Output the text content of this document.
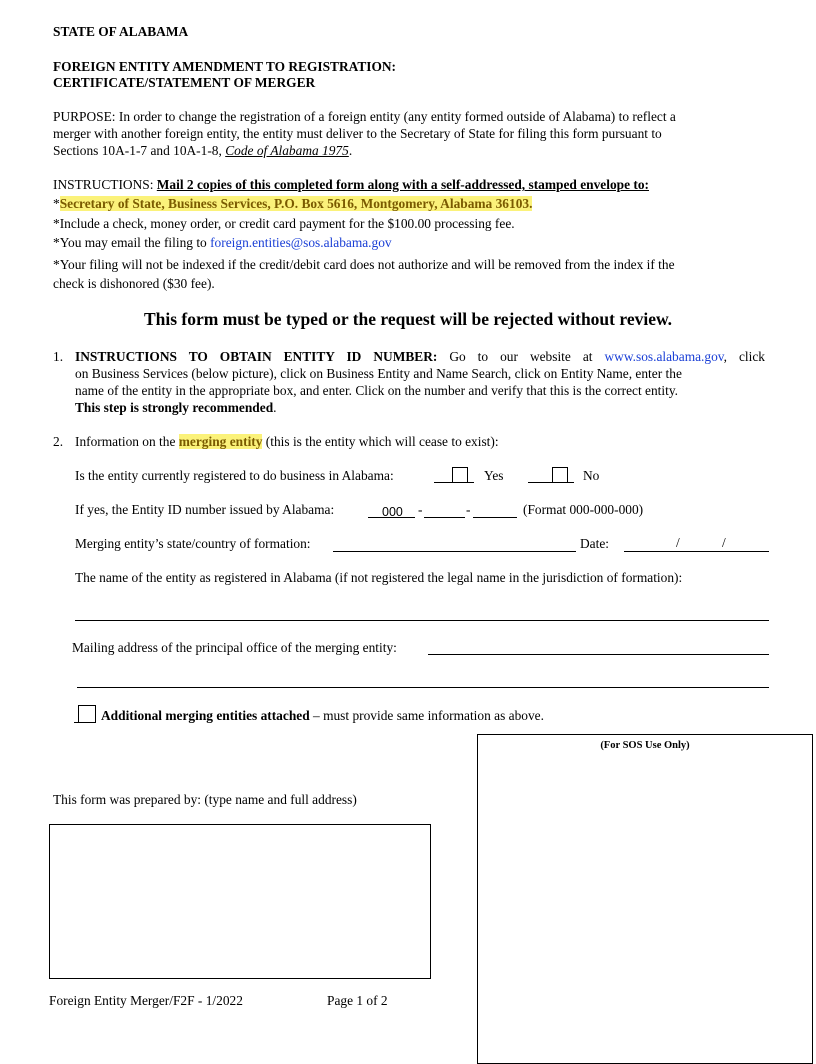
STATE OF ALABAMA
FOREIGN ENTITY AMENDMENT TO REGISTRATION:
CERTIFICATE/STATEMENT OF MERGER
PURPOSE: In order to change the registration of a foreign entity (any entity formed outside of Alabama) to reflect a
merger with another foreign entity, the entity must deliver to the Secretary of State for filing this form pursuant to
Sections 10A-1-7 and 10A-1-8, Code of Alabama 1975.
INSTRUCTIONS: Mail 2 copies of this completed form along with a self-addressed, stamped envelope to:
*Secretary of State, Business Services, P.O. Box 5616, Montgomery, Alabama 36103.
*Include a check, money order, or credit card payment for the $100.00 processing fee.
*You may email the filing to foreign.entities@sos.alabama.gov
*Your filing will not be indexed if the credit/debit card does not authorize and will be removed from the index if the
check is dishonored ($30 fee).
This form must be typed or the request will be rejected without review.
1. INSTRUCTIONS TO OBTAIN ENTITY ID NUMBER: Go to our website at www.sos.alabama.gov, click
on Business Services (below picture), click on Business Entity and Name Search, click on Entity Name, enter the
name of the entity in the appropriate box, and enter. Click on the number and verify that this is the correct entity.
This step is strongly recommended.
2. Information on the merging entity (this is the entity which will cease to exist):
Is the entity currently registered to do business in Alabama:	Yes	No
If yes, the Entity ID number issued by Alabama:	000 -	-	(Format 000-000-000)
Merging entity’s state/country of formation:	Date:	/	/
The name of the entity as registered in Alabama (if not registered the legal name in the jurisdiction of formation):
Mailing address of the principal office of the merging entity:
Additional merging entities attached – must provide same information as above.
(For SOS Use Only)
This form was prepared by: (type name and full address)
Foreign Entity Merger/F2F - 1/2022	Page 1 of 2
